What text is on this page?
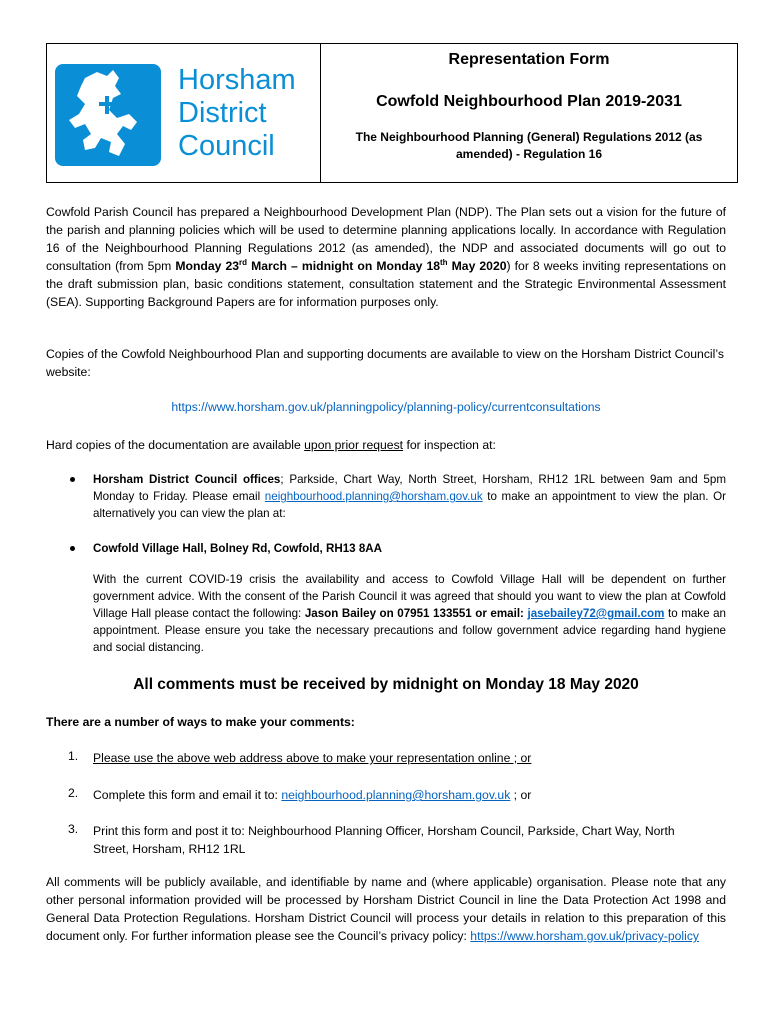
Horsham
District
Council
Representation Form
Cowfold Neighbourhood Plan 2019-2031
The Neighbourhood Planning (General) Regulations 2012 (as amended) - Regulation 16
Cowfold Parish Council has prepared a Neighbourhood Development Plan (NDP). The Plan sets out a vision for the future of the parish and planning policies which will be used to determine planning applications locally. In accordance with Regulation 16 of the Neighbourhood Planning Regulations 2012 (as amended), the NDP and associated documents will go out to consultation (from 5pm Monday 23rd March – midnight on Monday 18th May 2020) for 8 weeks inviting representations on the draft submission plan, basic conditions statement, consultation statement and the Strategic Environmental Assessment (SEA). Supporting Background Papers are for information purposes only.
Copies of the Cowfold Neighbourhood Plan and supporting documents are available to view on the Horsham District Council’s website:
https://www.horsham.gov.uk/planningpolicy/planning-policy/currentconsultations
Hard copies of the documentation are available upon prior request for inspection at:
Horsham District Council offices; Parkside, Chart Way, North Street, Horsham, RH12 1RL between 9am and 5pm Monday to Friday. Please email neighbourhood.planning@horsham.gov.uk to make an appointment to view the plan. Or alternatively you can view the plan at:
Cowfold Village Hall, Bolney Rd, Cowfold, RH13 8AA
With the current COVID-19 crisis the availability and access to Cowfold Village Hall will be dependent on further government advice. With the consent of the Parish Council it was agreed that should you want to view the plan at Cowfold Village Hall please contact the following: Jason Bailey on 07951 133551 or email: jasebailey72@gmail.com to make an appointment. Please ensure you take the necessary precautions and follow government advice regarding hand hygiene and social distancing.
All comments must be received by midnight on Monday 18 May 2020
There are a number of ways to make your comments:
1. Please use the above web address above to make your representation online ; or
2. Complete this form and email it to: neighbourhood.planning@horsham.gov.uk ; or
3. Print this form and post it to: Neighbourhood Planning Officer, Horsham Council, Parkside, Chart Way, North Street, Horsham, RH12 1RL
All comments will be publicly available, and identifiable by name and (where applicable) organisation. Please note that any other personal information provided will be processed by Horsham District Council in line the Data Protection Act 1998 and General Data Protection Regulations. Horsham District Council will process your details in relation to this preparation of this document only. For further information please see the Council’s privacy policy: https://www.horsham.gov.uk/privacy-policy
